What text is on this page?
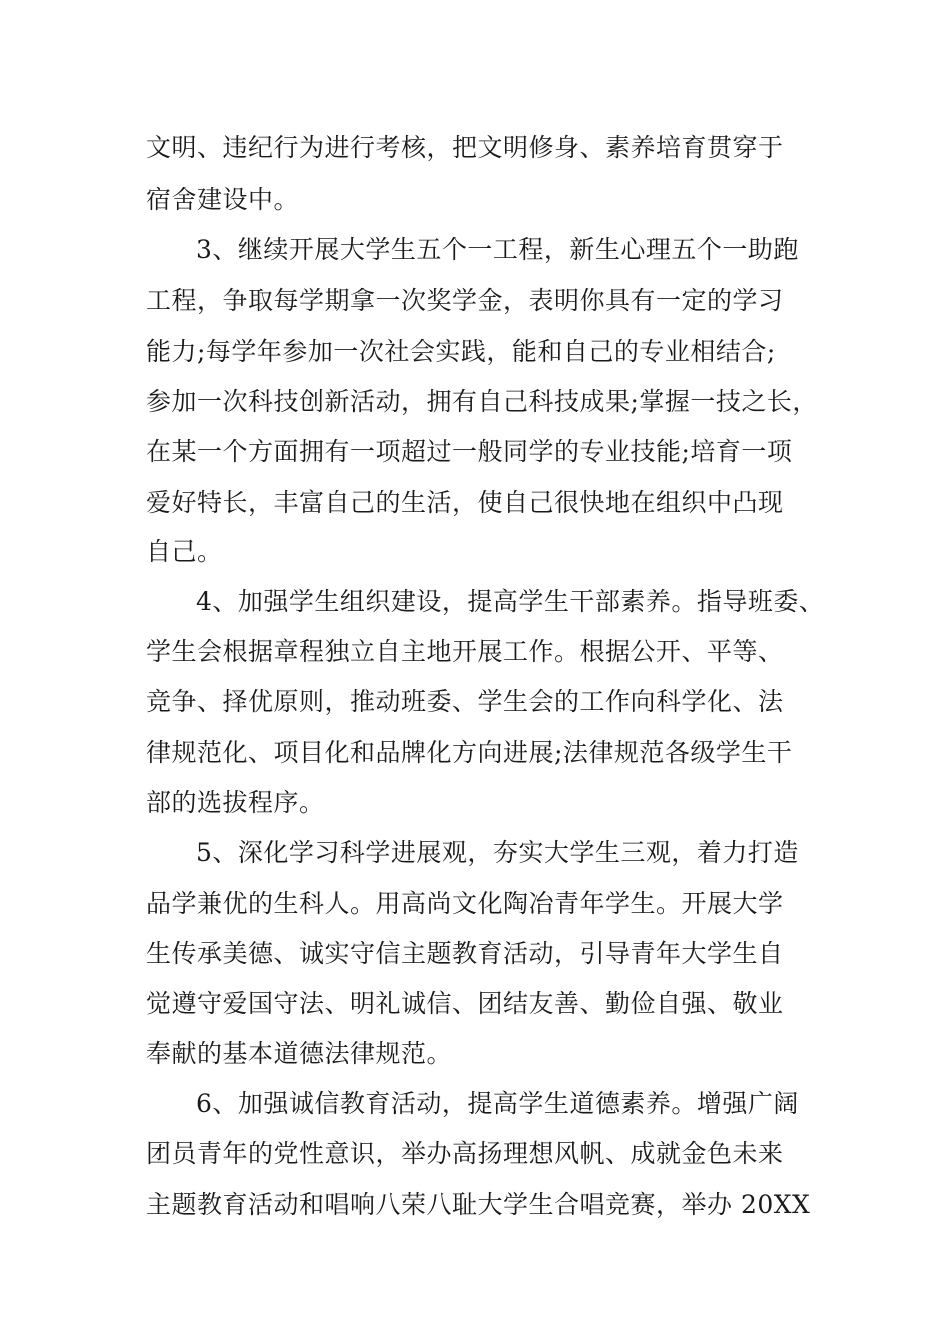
文明、违纪行为进行考核，把文明修身、素养培育贯穿于
宿舍建设中。
3、继续开展大学生五个一工程，新生心理五个一助跑
工程，争取每学期拿一次奖学金，表明你具有一定的学习
能力;每学年参加一次社会实践，能和自己的专业相结合;
参加一次科技创新活动，拥有自己科技成果;掌握一技之长，
在某一个方面拥有一项超过一般同学的专业技能;培育一项
爱好特长，丰富自己的生活，使自己很快地在组织中凸现
自己。
4、加强学生组织建设，提高学生干部素养。指导班委、
学生会根据章程独立自主地开展工作。根据公开、平等、
竞争、择优原则，推动班委、学生会的工作向科学化、法
律规范化、项目化和品牌化方向进展;法律规范各级学生干
部的选拔程序。
5、深化学习科学进展观，夯实大学生三观，着力打造
品学兼优的生科人。用高尚文化陶冶青年学生。开展大学
生传承美德、诚实守信主题教育活动，引导青年大学生自
觉遵守爱国守法、明礼诚信、团结友善、勤俭自强、敬业
奉献的基本道德法律规范。
6、加强诚信教育活动，提高学生道德素养。增强广阔
团员青年的党性意识，举办高扬理想风帆、成就金色未来
主题教育活动和唱响八荣八耻大学生合唱竞赛，举办 20XX
